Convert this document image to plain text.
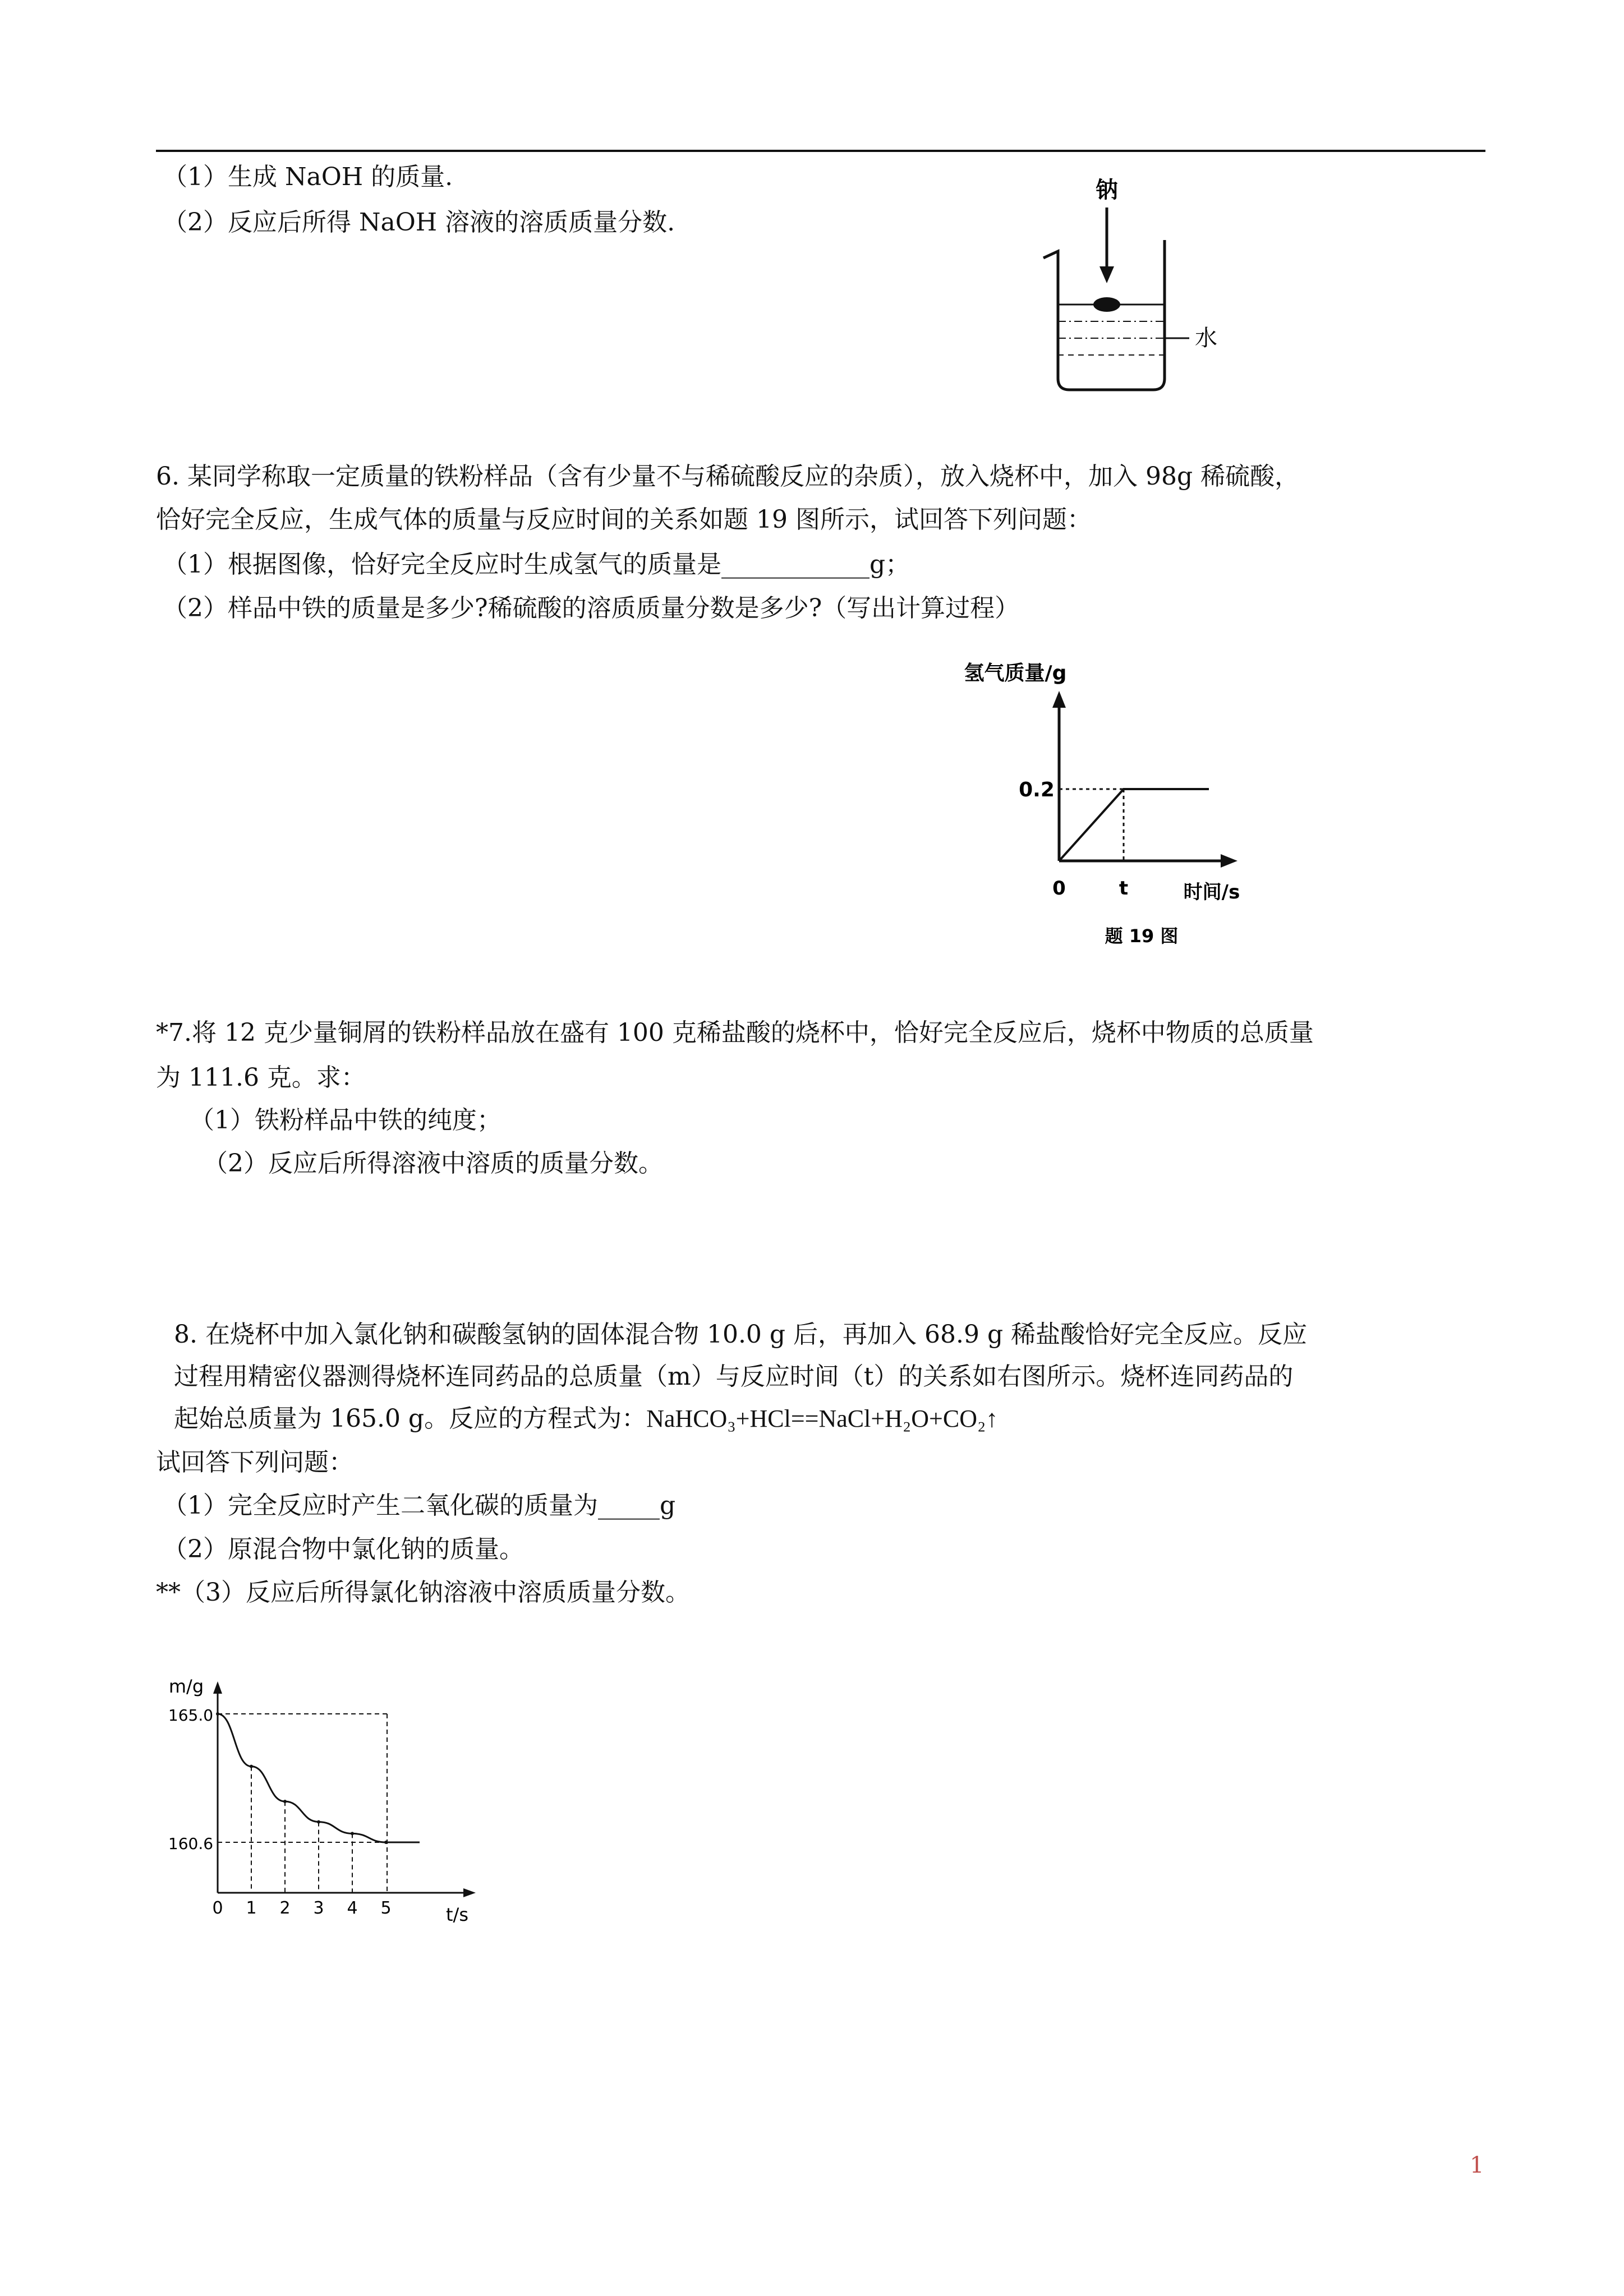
（1）生成 NaOH 的质量.
（2）反应后所得 NaOH 溶液的溶质质量分数.
钠
水
6. 某同学称取一定质量的铁粉样品（含有少量不与稀硫酸反应的杂质），放入烧杯中，加入 98g 稀硫酸，
恰好完全反应，生成气体的质量与反应时间的关系如题 19 图所示，试回答下列问题：
（1）根据图像，恰好完全反应时生成氢气的质量是____________g；
（2）样品中铁的质量是多少?稀硫酸的溶质质量分数是多少?（写出计算过程）
氢气质量/g
0	t
0.2
时间/s
题 19 图
*7.将 12 克少量铜屑的铁粉样品放在盛有 100 克稀盐酸的烧杯中，恰好完全反应后，烧杯中物质的总质量
为 111.6 克。求：
（1）铁粉样品中铁的纯度；
（2）反应后所得溶液中溶质的质量分数。
8. 在烧杯中加入氯化钠和碳酸氢钠的固体混合物 10.0 g 后，再加入 68.9 g 稀盐酸恰好完全反应。反应
过程用精密仪器测得烧杯连同药品的总质量（m）与反应时间（t）的关系如右图所示。烧杯连同药品的
起始总质量为 165.0 g。反应的方程式为：NaHCO₃+HCl==NaCl+H₂O+CO₂↑
试回答下列问题：
（1）完全反应时产生二氧化碳的质量为_____g
（2）原混合物中氯化钠的质量。
**（3）反应后所得氯化钠溶液中溶质质量分数。
m/g
165.0
160.6
0 1 2 3 4 5	t/s
1
